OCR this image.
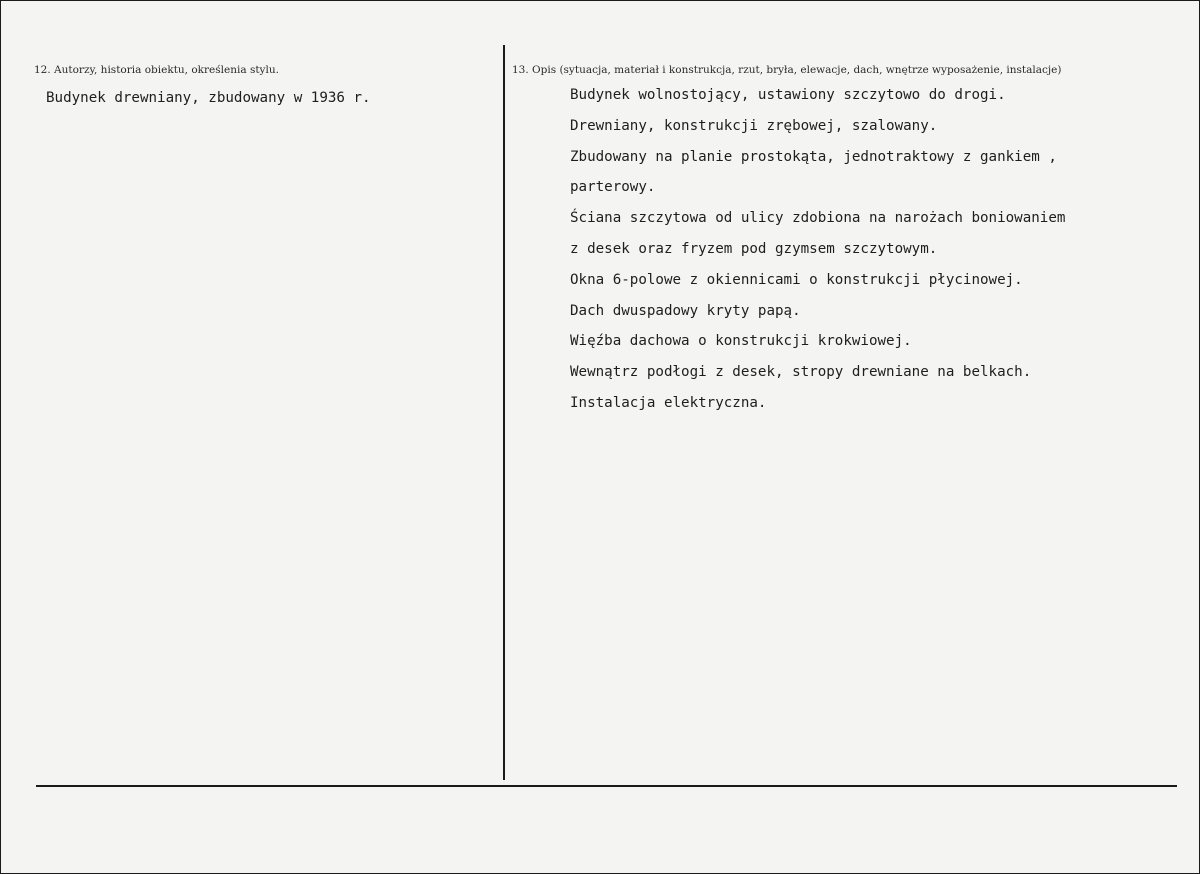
12. Autorzy, historia obiektu, określenia stylu.
Budynek drewniany, zbudowany w 1936 r.
13. Opis (sytuacja, materiał i konstrukcja, rzut, bryła, elewacje, dach, wnętrze wyposażenie, instalacje)
Budynek wolnostojący, ustawiony szczytowo do drogi.
Drewniany, konstrukcji zrębowej, szalowany.
Zbudowany na planie prostokąta, jednotraktowy z gankiem ,
parterowy.
Ściana szczytowa od ulicy zdobiona na narożach boniowaniem
z desek oraz fryzem pod gzymsem szczytowym.
Okna 6-polowe z okiennicami o konstrukcji płycinowej.
Dach dwuspadowy kryty papą.
Więźba dachowa o konstrukcji krokwiowej.
Wewnątrz podłogi z desek, stropy drewniane na belkach.
Instalacja elektryczna.
